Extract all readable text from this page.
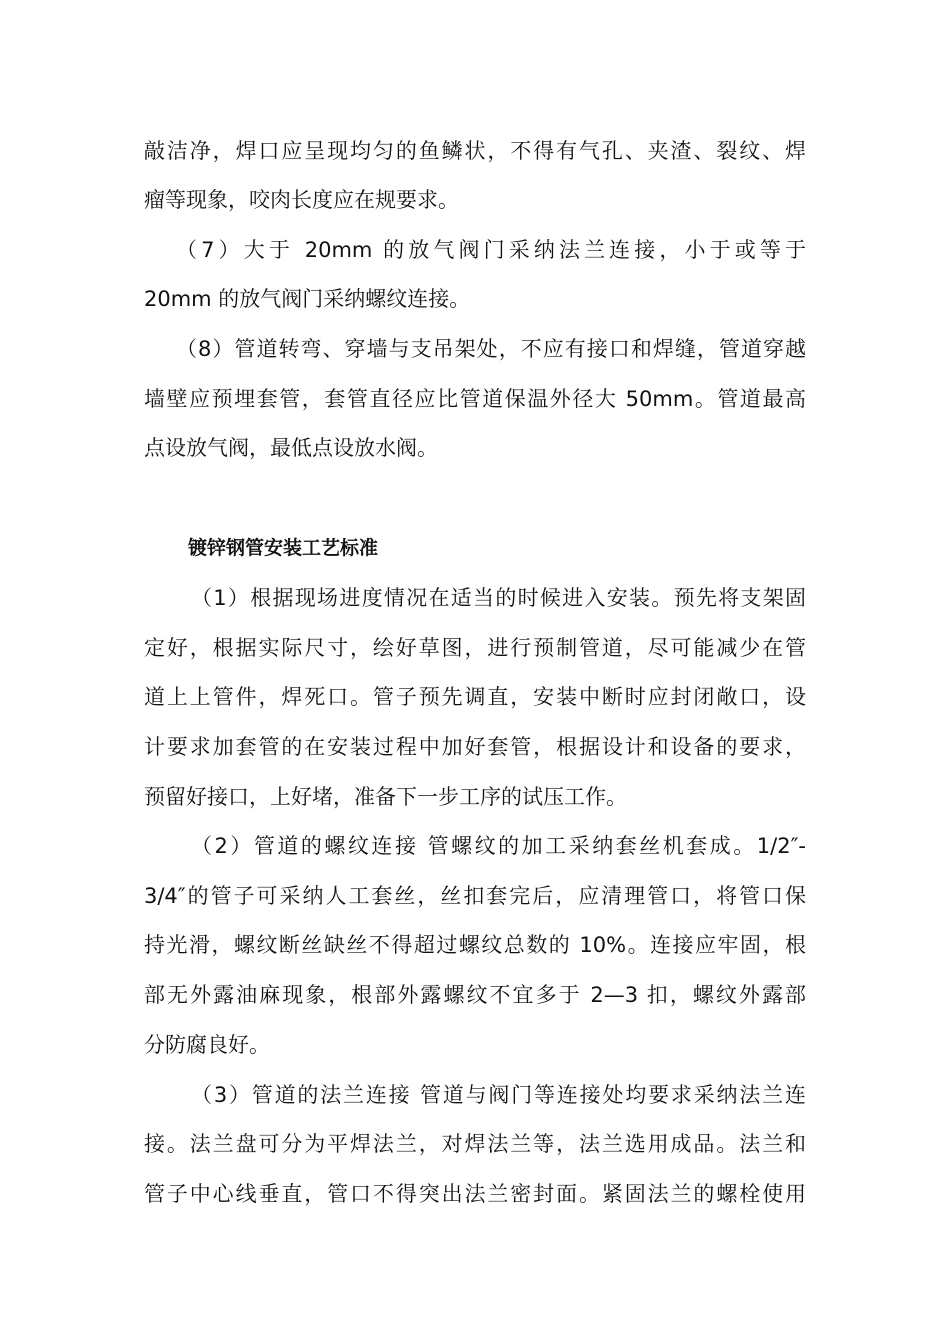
敲洁净，焊口应呈现均匀的鱼鳞状，不得有气孔、夹渣、裂纹、焊
瘤等现象，咬肉长度应在规要求。
（7）大于 20mm 的放气阀门采纳法兰连接，小于或等于
20mm 的放气阀门采纳螺纹连接。
（8）管道转弯、穿墙与支吊架处，不应有接口和焊缝，管道穿越
墙壁应预埋套管，套管直径应比管道保温外径大 50mm。管道最高
点设放气阀，最低点设放水阀。
镀锌钢管安装工艺标准
（1）根据现场进度情况在适当的时候进入安装。预先将支架固
定好，根据实际尺寸，绘好草图，进行预制管道，尽可能减少在管
道上上管件，焊死口。管子预先调直，安装中断时应封闭敞口，设
计要求加套管的在安装过程中加好套管，根据设计和设备的要求，
预留好接口，上好堵，准备下一步工序的试压工作。
（2）管道的螺纹连接 管螺纹的加工采纳套丝机套成。1/2″-
3/4″的管子可采纳人工套丝，丝扣套完后，应清理管口，将管口保
持光滑，螺纹断丝缺丝不得超过螺纹总数的 10%。连接应牢固，根
部无外露油麻现象，根部外露螺纹不宜多于 2—3 扣，螺纹外露部
分防腐良好。
（3）管道的法兰连接 管道与阀门等连接处均要求采纳法兰连
接。法兰盘可分为平焊法兰，对焊法兰等，法兰选用成品。法兰和
管子中心线垂直，管口不得突出法兰密封面。紧固法兰的螺栓使用
